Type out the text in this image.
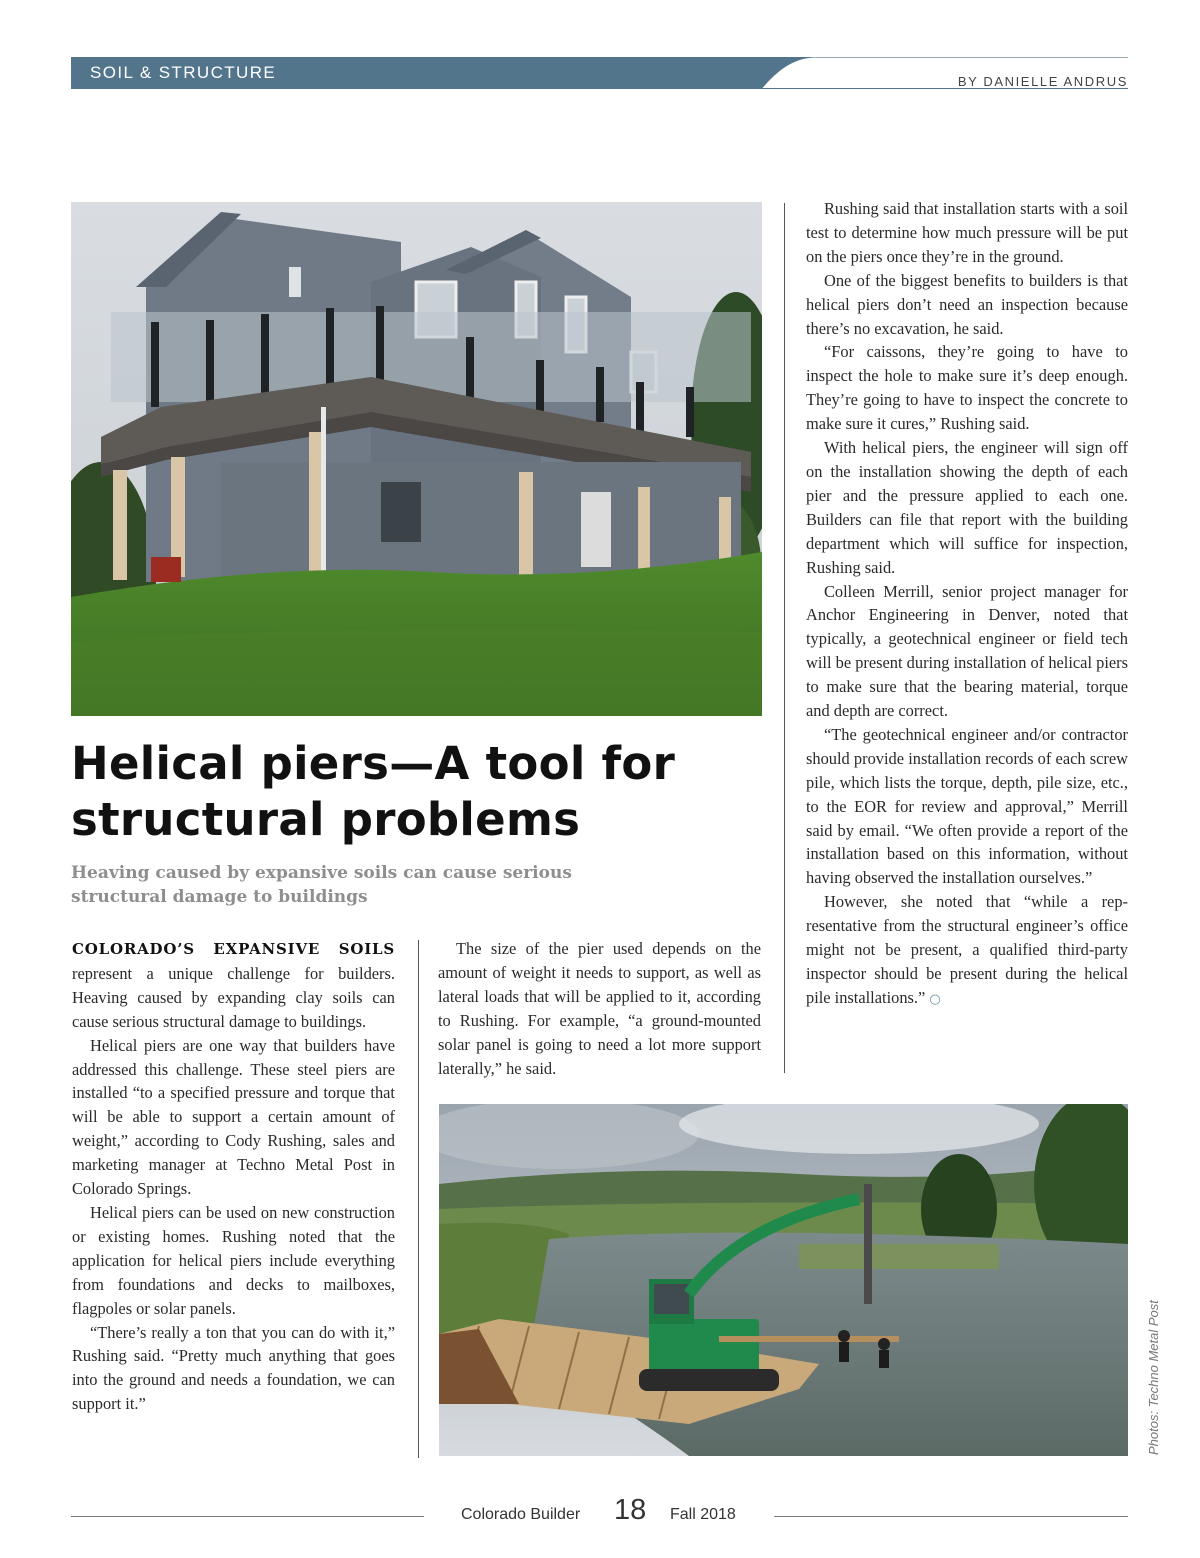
SOIL & STRUCTURE	BY DANIELLE ANDRUS
Helical piers—A tool for structural problems

Heaving caused by expansive soils can cause serious structural damage to buildings

COLORADO’S EXPANSIVE SOILS represent a unique challenge for builders. Heaving caused by expanding clay soils can cause serious structural damage to buildings.

Helical piers are one way that builders have addressed this challenge. These steel piers are installed “to a specified pressure and torque that will be able to support a certain amount of weight,” according to Cody Rushing, sales and marketing manager at Techno Metal Post in Colorado Springs.

Helical piers can be used on new construction or existing homes. Rushing noted that the application for helical piers include everything from foundations and decks to mailboxes, flagpoles or solar panels.

“There’s really a ton that you can do with it,” Rushing said. “Pretty much anything that goes into the ground and needs a foundation, we can support it.”

The size of the pier used depends on the amount of weight it needs to support, as well as lateral loads that will be applied to it, according to Rushing. For example, “a ground-mounted solar panel is going to need a lot more support laterally,” he said.

Rushing said that installation starts with a soil test to determine how much pressure will be put on the piers once they’re in the ground.

One of the biggest benefits to builders is that helical piers don’t need an inspection because there’s no excavation, he said.

“For caissons, they’re going to have to inspect the hole to make sure it’s deep enough. They’re going to have to inspect the concrete to make sure it cures,” Rushing said.

With helical piers, the engineer will sign off on the installation showing the depth of each pier and the pressure applied to each one. Builders can file that report with the building department which will suffice for inspection, Rushing said.

Colleen Merrill, senior project manager for Anchor Engineering in Denver, noted that typically, a geotechnical engineer or field tech will be present during installation of helical piers to make sure that the bearing material, torque and depth are correct.

“The geotechnical engineer and/or contractor should provide installation records of each screw pile, which lists the torque, depth, pile size, etc., to the EOR for review and approval,” Merrill said by email. “We often provide a report of the installation based on this information, without having observed the installation ourselves.”

However, she noted that “while a representative from the structural engineer’s office might not be present, a qualified third-party inspector should be present during the helical pile installations.” ○

Photos: Techno Metal Post
Colorado Builder 18 Fall 2018
